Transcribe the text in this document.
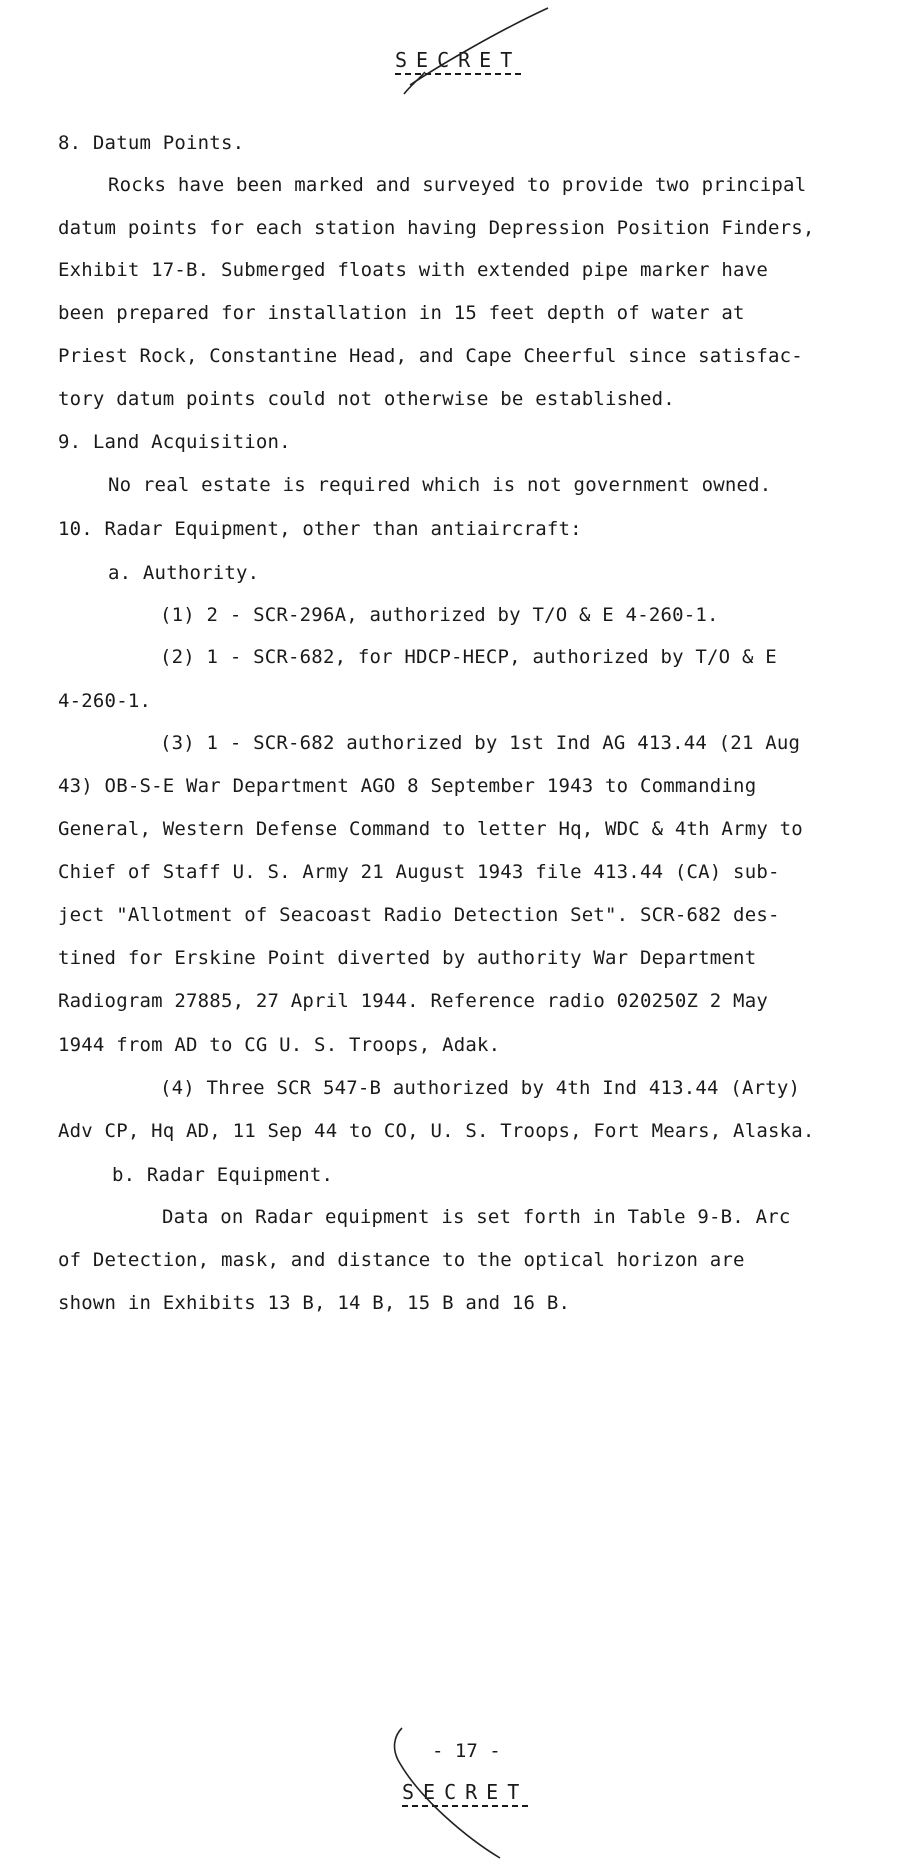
SECRET
8. Datum Points.
Rocks have been marked and surveyed to provide two principal
datum points for each station having Depression Position Finders,
Exhibit 17-B. Submerged floats with extended pipe marker have
been prepared for installation in 15 feet depth of water at
Priest Rock, Constantine Head, and Cape Cheerful since satisfac-
tory datum points could not otherwise be established.
9. Land Acquisition.
No real estate is required which is not government owned.
10. Radar Equipment, other than antiaircraft:
a. Authority.
(1) 2 - SCR-296A, authorized by T/O & E 4-260-1.
(2) 1 - SCR-682, for HDCP-HECP, authorized by T/O & E
4-260-1.
(3) 1 - SCR-682 authorized by 1st Ind AG 413.44 (21 Aug
43) OB-S-E War Department AGO 8 September 1943 to Commanding
General, Western Defense Command to letter Hq, WDC & 4th Army to
Chief of Staff U. S. Army 21 August 1943 file 413.44 (CA) sub-
ject "Allotment of Seacoast Radio Detection Set". SCR-682 des-
tined for Erskine Point diverted by authority War Department
Radiogram 27885, 27 April 1944. Reference radio 020250Z 2 May
1944 from AD to CG U. S. Troops, Adak.
(4) Three SCR 547-B authorized by 4th Ind 413.44 (Arty)
Adv CP, Hq AD, 11 Sep 44 to CO, U. S. Troops, Fort Mears, Alaska.
b. Radar Equipment.
Data on Radar equipment is set forth in Table 9-B. Arc
of Detection, mask, and distance to the optical horizon are
shown in Exhibits 13 B, 14 B, 15 B and 16 B.
- 17 -
SECRET
